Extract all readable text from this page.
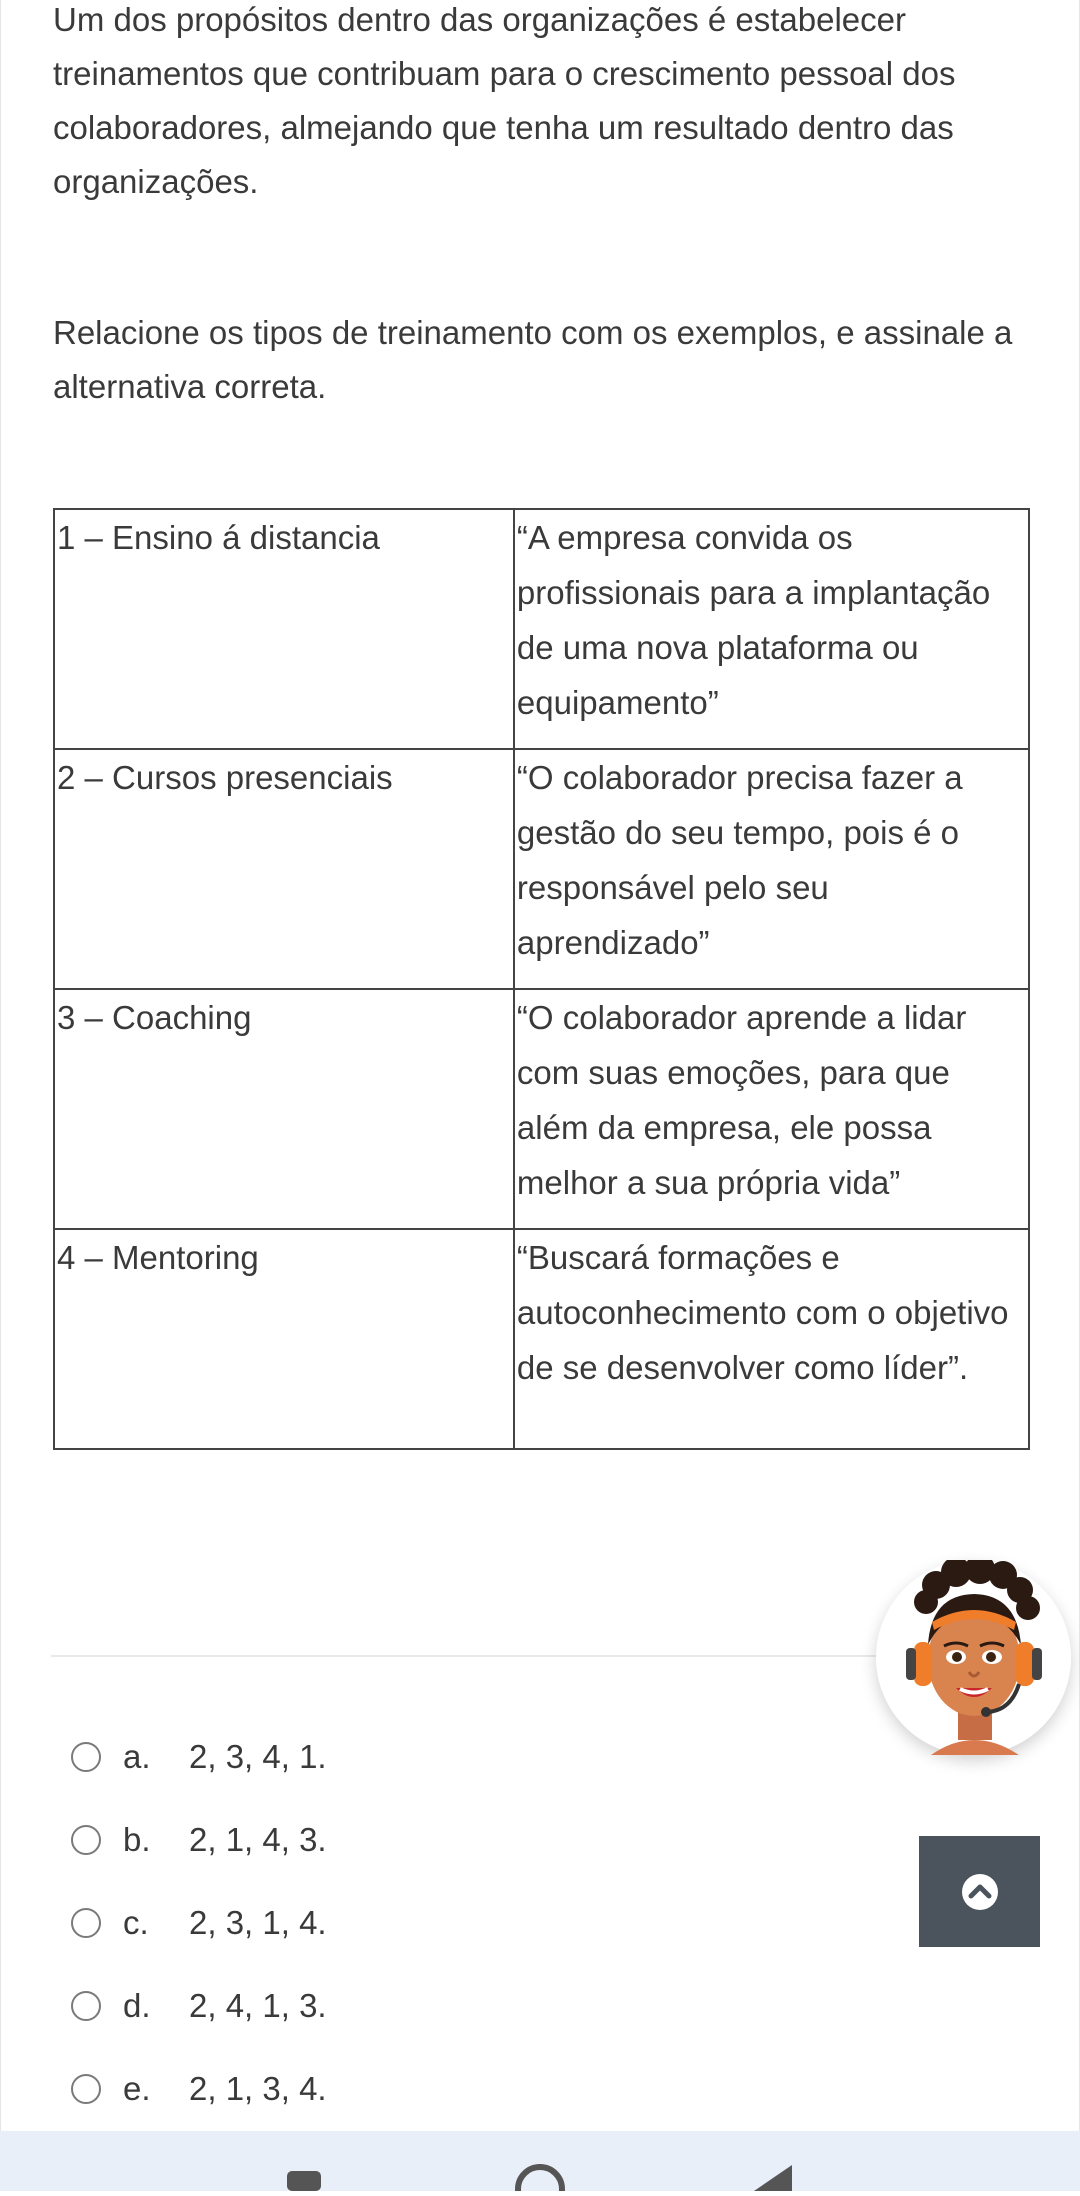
Um dos propósitos dentro das organizações é estabelecer treinamentos que contribuam para o crescimento pessoal dos colaboradores, almejando que tenha um resultado dentro das organizações.

Relacione os tipos de treinamento com os exemplos, e assinale a alternativa correta.

1 – Ensino á distancia	“A empresa convida os profissionais para a implantação de uma nova plataforma ou equipamento”
2 – Cursos presenciais	“O colaborador precisa fazer a gestão do seu tempo, pois é o responsável pelo seu aprendizado”
3 – Coaching	“O colaborador aprende a lidar com suas emoções, para que além da empresa, ele possa melhor a sua própria vida”
4 – Mentoring	“Buscará formações e autoconhecimento com o objetivo de se desenvolver como líder”.
a.	2, 3, 4, 1.
b.	2, 1, 4, 3.
c.	2, 3, 1, 4.
d.	2, 4, 1, 3.
e.	2, 1, 3, 4.
